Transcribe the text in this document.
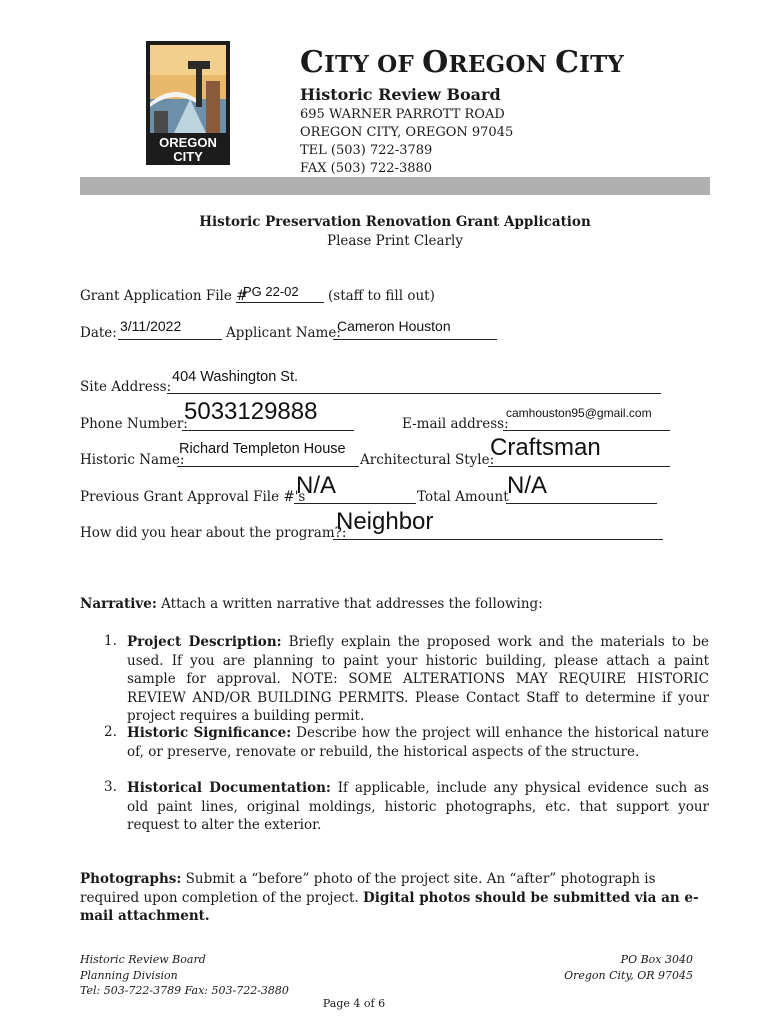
OREGON
CITY
CITY OF OREGON CITY
Historic Review Board
695 WARNER PARROTT ROAD
OREGON CITY, OREGON 97045
TEL (503) 722-3789
FAX (503) 722-3880
Historic Preservation Renovation Grant Application
Please Print Clearly
Grant Application File #
PG 22-02 (staff to fill out)
Date: 3/11/2022	Applicant Name:
Cameron Houston
Site Address:
404 Washington St.
Phone Number:
5033129888	E-mail address:
camhouston95@gmail.com
Historic Name:
Richard Templeton House
Architectural Style:
Craftsman
Previous Grant Approval File #'s
N/A	Total Amount
N/A
How did you hear about the program?:
Neighbor
Narrative: Attach a written narrative that addresses the following:
1. Project Description: Briefly explain the proposed work and the materials to be used. If you are planning to paint your historic building, please attach a paint sample for approval. NOTE: SOME ALTERATIONS MAY REQUIRE HISTORIC REVIEW AND/OR BUILDING PERMITS. Please Contact Staff to determine if your project requires a building permit.
2. Historic Significance: Describe how the project will enhance the historical nature of, or preserve, renovate or rebuild, the historical aspects of the structure.
3. Historical Documentation: If applicable, include any physical evidence such as old paint lines, original moldings, historic photographs, etc. that support your request to alter the exterior.
Photographs: Submit a “before” photo of the project site. An “after” photograph is required upon completion of the project. Digital photos should be submitted via an e-mail attachment.
Historic Review Board
Planning Division
Tel: 503-722-3789 Fax: 503-722-3880
PO Box 3040
Oregon City, OR 97045
Page 4 of 6
